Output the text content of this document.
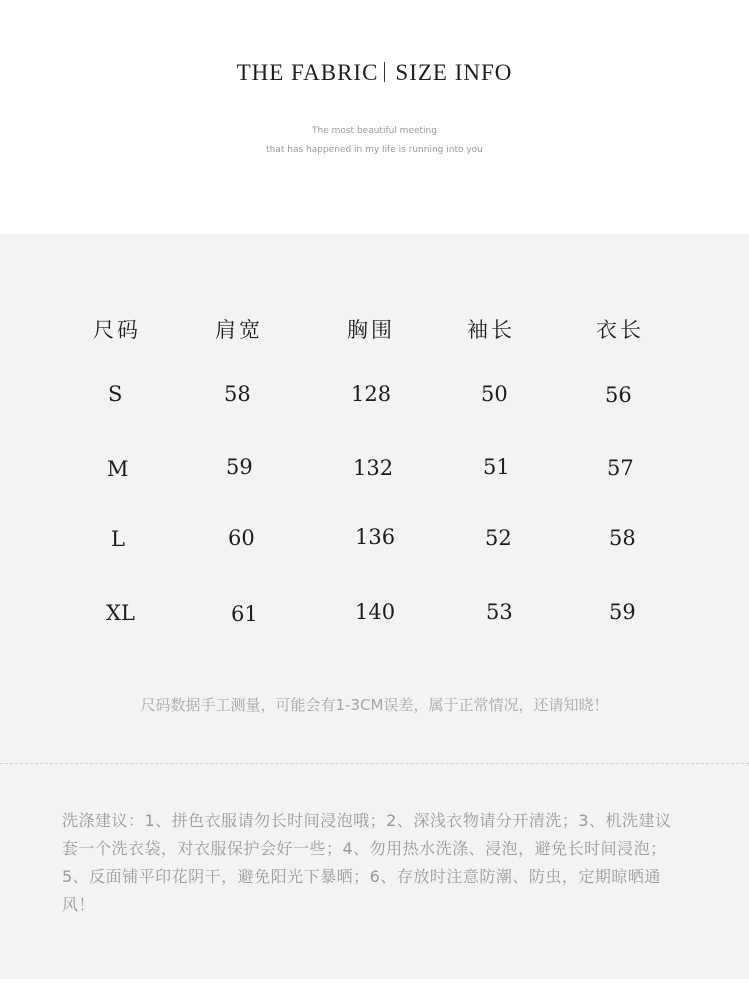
THE FABRIC SIZE INFO
The most beautiful meeting
that has happened in my life is running into you
尺码	肩宽	胸围	袖长	衣长
S	58	128	50	56
M	59	132	51	57
L	60	136	52	58
XL	61	140	53	59
尺码数据手工测量，可能会有1-3CM误差，属于正常情况，还请知晓！
洗涤建议：1、拼色衣服请勿长时间浸泡哦；2、深浅衣物请分开清洗；3、机洗建议
套一个洗衣袋，对衣服保护会好一些；4、勿用热水洗涤、浸泡，避免长时间浸泡；
5、反面铺平印花阴干，避免阳光下暴晒；6、存放时注意防潮、防虫，定期晾晒通
风！
